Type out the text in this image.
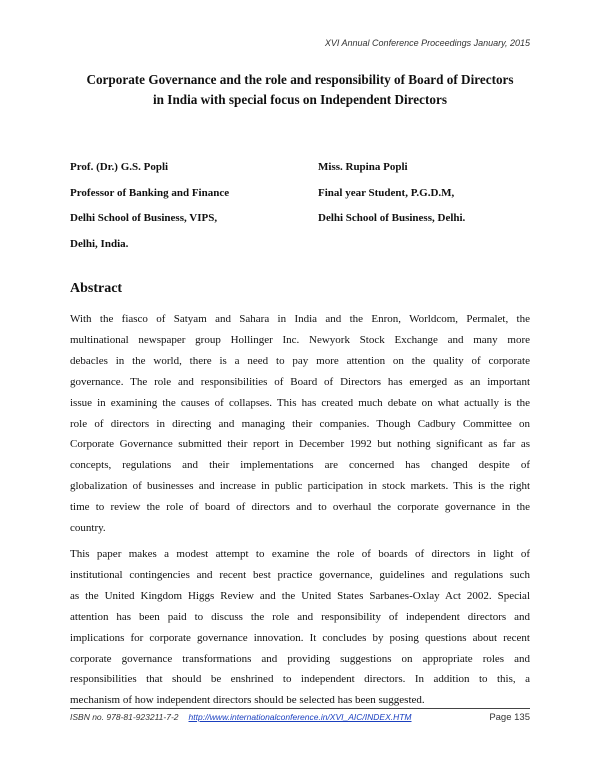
XVI Annual Conference Proceedings January, 2015
Corporate Governance and the role and responsibility of Board of Directors
in India with special focus on Independent Directors
Prof. (Dr.) G.S. Popli
Professor of Banking and Finance
Delhi School of Business, VIPS,
Delhi, India.
Miss. Rupina Popli
Final year Student, P.G.D.M,
Delhi School of Business, Delhi.
Abstract
With the fiasco of Satyam and Sahara in India and the Enron, Worldcom, Permalet, the
multinational newspaper group Hollinger Inc. Newyork Stock Exchange and many more
debacles in the world, there is a need to pay more attention on the quality of corporate
governance. The role and responsibilities of Board of Directors has emerged as an important
issue in examining the causes of collapses. This has created much debate on what actually is the
role of directors in directing and managing their companies. Though Cadbury Committee on
Corporate Governance submitted their report in December 1992 but nothing significant as far as
concepts, regulations and their implementations are concerned has changed despite of
globalization of businesses and increase in public participation in stock markets. This is the right
time to review the role of board of directors and to overhaul the corporate governance in the
country.
This paper makes a modest attempt to examine the role of boards of directors in light of
institutional contingencies and recent best practice governance, guidelines and regulations such
as the United Kingdom Higgs Review and the United States Sarbanes-Oxlay Act 2002. Special
attention has been paid to discuss the role and responsibility of independent directors and
implications for corporate governance innovation. It concludes by posing questions about recent
corporate governance transformations and providing suggestions on appropriate roles and
responsibilities that should be enshrined to independent directors. In addition to this, a
mechanism of how independent directors should be selected has been suggested.
ISBN no. 978-81-923211-7-2 http://www.internationalconference.in/XVI_AIC/INDEX.HTM	Page 135
